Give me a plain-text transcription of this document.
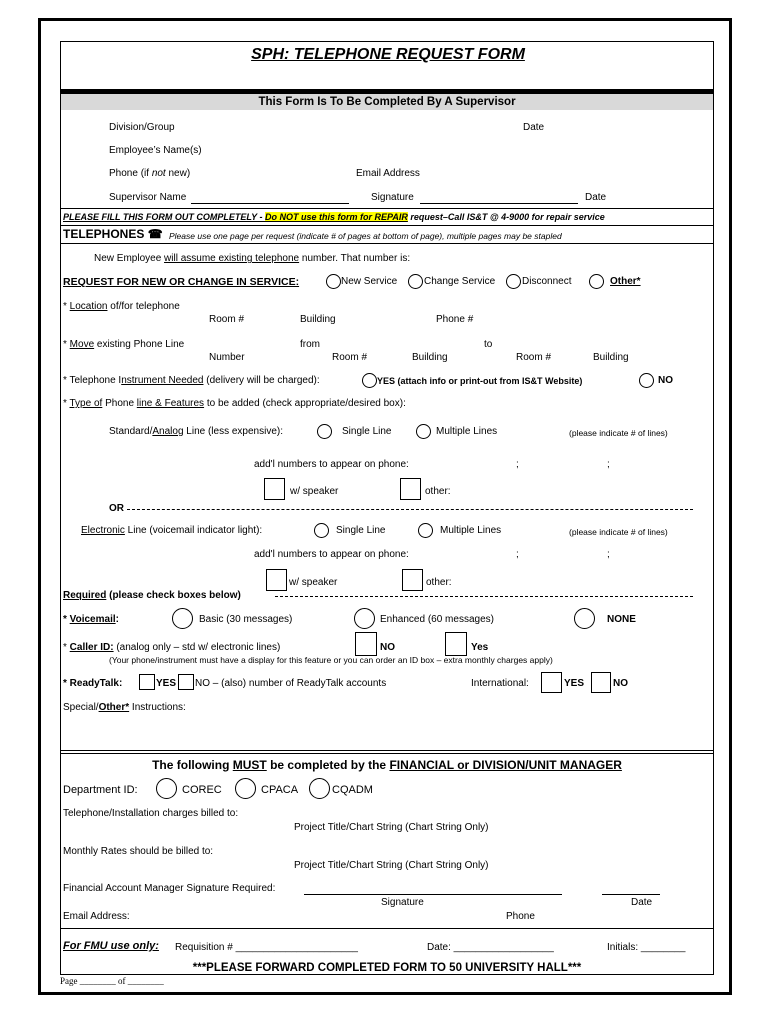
SPH: TELEPHONE REQUEST FORM
This Form Is To Be Completed By A Supervisor
Division/Group	Date
Employee’s Name(s)
Phone (if not new)	Email Address
Supervisor Name	Signature	Date
PLEASE FILL THIS FORM OUT COMPLETELY - Do NOT use this form for REPAIR request–Call IS&T @ 4-9000 for repair service
TELEPHONES ☎ Please use one page per request (indicate # of pages at bottom of page), multiple pages may be stapled
New Employee will assume existing telephone number. That number is:
REQUEST FOR NEW OR CHANGE IN SERVICE:	New Service	Change Service	Disconnect	Other*
* Location of/for telephone
Room #	Building	Phone #
* Move existing Phone Line	from	to
Number	Room #	Building	Room #	Building
* Telephone Instrument Needed (delivery will be charged):	YES (attach info or print-out from IS&T Website)	NO
* Type of Phone line & Features to be added (check appropriate/desired box):
Standard/Analog Line (less expensive):	Single Line	Multiple Lines	(please indicate # of lines)
add'l numbers to appear on phone:	;	;
w/ speaker	other:
OR
Electronic Line (voicemail indicator light):	Single Line	Multiple Lines	(please indicate # of lines)
add'l numbers to appear on phone:	;	;
w/ speaker	other:
Required (please check boxes below)
* Voicemail:	Basic (30 messages)	Enhanced (60 messages)	NONE
* Caller ID: (analog only – std w/ electronic lines)	NO	Yes
(Your phone/instrument must have a display for this feature or you can order an ID box – extra monthly charges apply)
* ReadyTalk:	YES NO – (also) number of ReadyTalk accounts	International:	YES	NO
Special/Other* Instructions:
The following MUST be completed by the FINANCIAL or DIVISION/UNIT MANAGER
Department ID:	COREC	CPACA	CQADM
Telephone/Installation charges billed to:
Project Title/Chart String (Chart String Only)
Monthly Rates should be billed to:
Project Title/Chart String (Chart String Only)
Financial Account Manager Signature Required:
Signature	Date
Email Address:	Phone
For FMU use only: Requisition # ______________________	Date: __________________	Initials: ________
***PLEASE FORWARD COMPLETED FORM TO 50 UNIVERSITY HALL***
Page ________ of ________
